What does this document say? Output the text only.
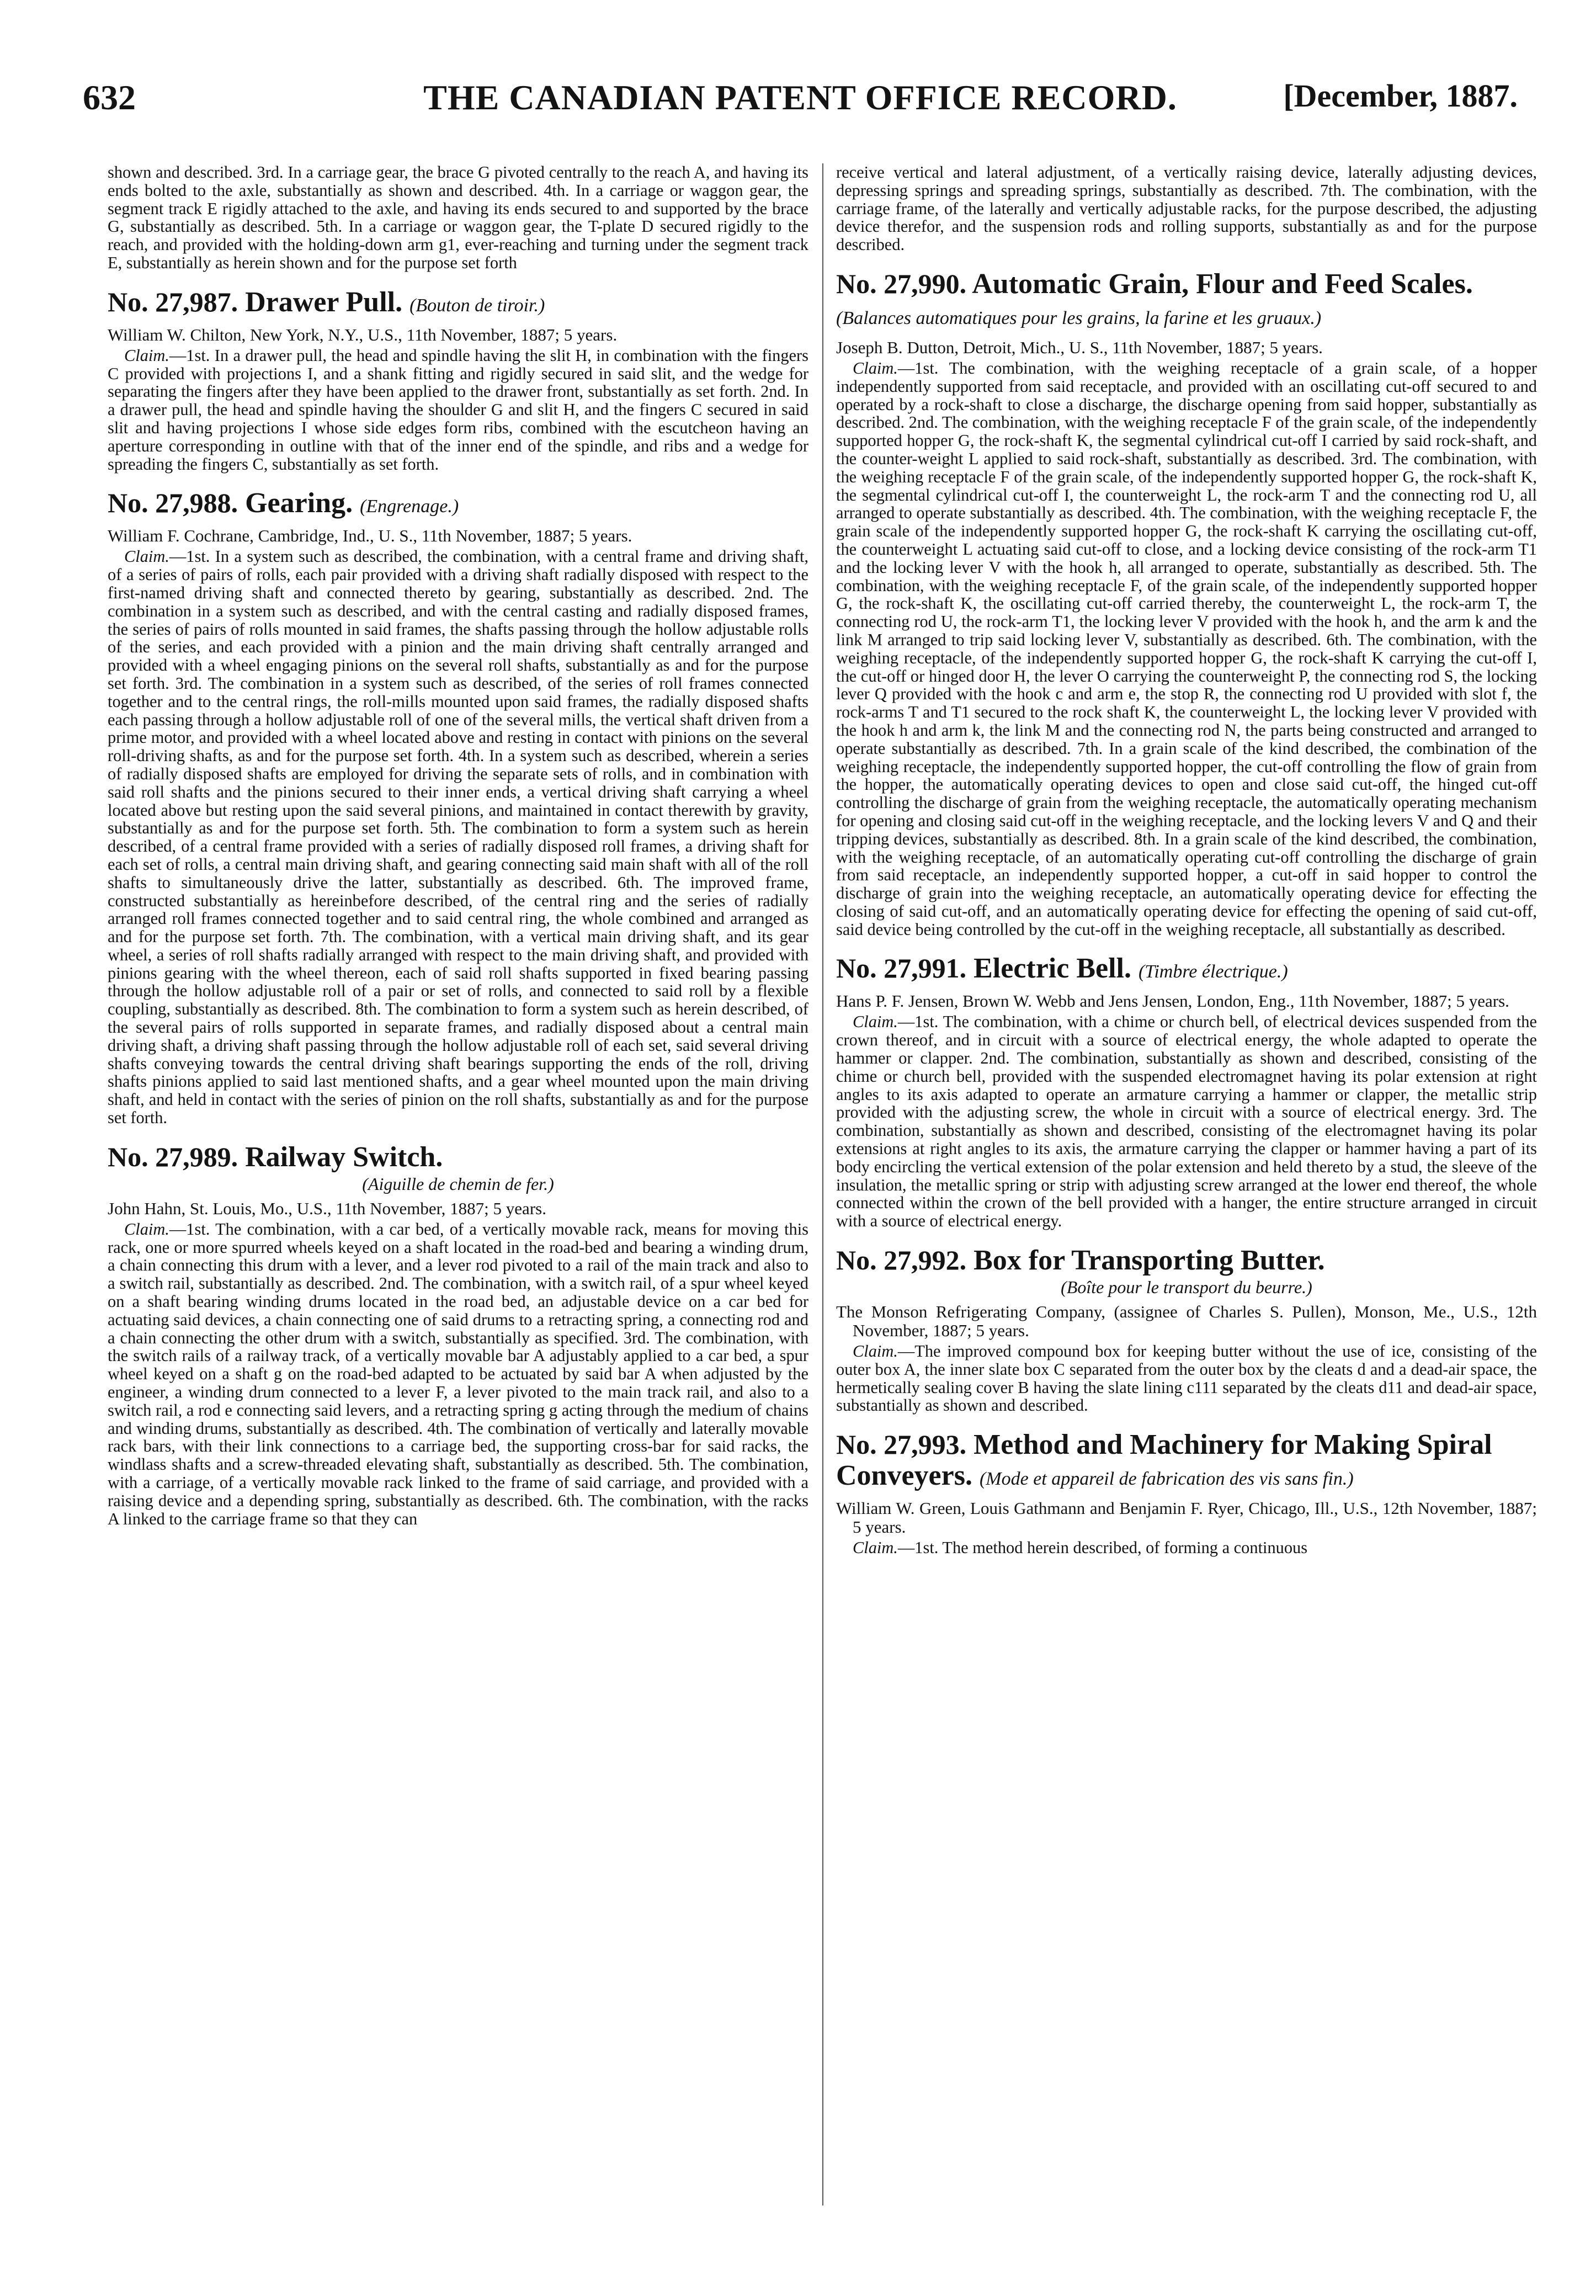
632	THE CANADIAN PATENT OFFICE RECORD.	[December, 1887.

shown and described. 3rd. In a carriage gear, the brace G pivoted centrally to the reach A, and having its ends bolted to the axle, substantially as shown and described. 4th. In a carriage or waggon gear, the segment track E rigidly attached to the axle, and having its ends secured to and supported by the brace G, substantially as described. 5th. In a carriage or waggon gear, the T-plate D secured rigidly to the reach, and provided with the holding-down arm g1, ever-reaching and turning under the segment track E, substantially as herein shown and for the purpose set forth

No. 27,987. Drawer Pull. (Bouton de tiroir.)

William W. Chilton, New York, N.Y., U.S., 11th November, 1887; 5 years.

Claim.—1st. In a drawer pull, the head and spindle having the slit H, in combination with the fingers C provided with projections I, and a shank fitting and rigidly secured in said slit, and the wedge for separating the fingers after they have been applied to the drawer front, substantially as set forth. 2nd. In a drawer pull, the head and spindle having the shoulder G and slit H, and the fingers C secured in said slit and having projections I whose side edges form ribs, combined with the escutcheon having an aperture corresponding in outline with that of the inner end of the spindle, and ribs and a wedge for spreading the fingers C, substantially as set forth.

No. 27,988. Gearing. (Engrenage.)

William F. Cochrane, Cambridge, Ind., U. S., 11th November, 1887; 5 years.

Claim.—1st. In a system such as described, the combination, with a central frame and driving shaft, of a series of pairs of rolls, each pair provided with a driving shaft radially disposed with respect to the first-named driving shaft and connected thereto by gearing, substantially as described. 2nd. The combination in a system such as described, and with the central casting and radially disposed frames, the series of pairs of rolls mounted in said frames, the shafts passing through the hollow adjustable rolls of the series, and each provided with a pinion and the main driving shaft centrally arranged and provided with a wheel engaging pinions on the several roll shafts, substantially as and for the purpose set forth. 3rd. The combination in a system such as described, of the series of roll frames connected together and to the central rings, the roll-mills mounted upon said frames, the radially disposed shafts each passing through a hollow adjustable roll of one of the several mills, the vertical shaft driven from a prime motor, and provided with a wheel located above and resting in contact with pinions on the several roll-driving shafts, as and for the purpose set forth. 4th. In a system such as described, wherein a series of radially disposed shafts are employed for driving the separate sets of rolls, and in combination with said roll shafts and the pinions secured to their inner ends, a vertical driving shaft carrying a wheel located above but resting upon the said several pinions, and maintained in contact therewith by gravity, substantially as and for the purpose set forth. 5th. The combination to form a system such as herein described, of a central frame provided with a series of radially disposed roll frames, a driving shaft for each set of rolls, a central main driving shaft, and gearing connecting said main shaft with all of the roll shafts to simultaneously drive the latter, substantially as described. 6th. The improved frame, constructed substantially as hereinbefore described, of the central ring and the series of radially arranged roll frames connected together and to said central ring, the whole combined and arranged as and for the purpose set forth. 7th. The combination, with a vertical main driving shaft, and its gear wheel, a series of roll shafts radially arranged with respect to the main driving shaft, and provided with pinions gearing with the wheel thereon, each of said roll shafts supported in fixed bearing passing through the hollow adjustable roll of a pair or set of rolls, and connected to said roll by a flexible coupling, substantially as described. 8th. The combination to form a system such as herein described, of the several pairs of rolls supported in separate frames, and radially disposed about a central main driving shaft, a driving shaft passing through the hollow adjustable roll of each set, said several driving shafts conveying towards the central driving shaft bearings supporting the ends of the roll, driving shafts pinions applied to said last mentioned shafts, and a gear wheel mounted upon the main driving shaft, and held in contact with the series of pinion on the roll shafts, substantially as and for the purpose set forth.

No. 27,989. Railway Switch.

(Aiguille de chemin de fer.)

John Hahn, St. Louis, Mo., U.S., 11th November, 1887; 5 years.

Claim.—1st. The combination, with a car bed, of a vertically movable rack, means for moving this rack, one or more spurred wheels keyed on a shaft located in the road-bed and bearing a winding drum, a chain connecting this drum with a lever, and a lever rod pivoted to a rail of the main track and also to a switch rail, substantially as described. 2nd. The combination, with a switch rail, of a spur wheel keyed on a shaft bearing winding drums located in the road bed, an adjustable device on a car bed for actuating said devices, a chain connecting one of said drums to a retracting spring, a connecting rod and a chain connecting the other drum with a switch, substantially as specified. 3rd. The combination, with the switch rails of a railway track, of a vertically movable bar A adjustably applied to a car bed, a spur wheel keyed on a shaft g on the road-bed adapted to be actuated by said bar A when adjusted by the engineer, a winding drum connected to a lever F, a lever pivoted to the main track rail, and also to a switch rail, a rod e connecting said levers, and a retracting spring g acting through the medium of chains and winding drums, substantially as described. 4th. The combination of vertically and laterally movable rack bars, with their link connections to a carriage bed, the supporting cross-bar for said racks, the windlass shafts and a screw-threaded elevating shaft, substantially as described. 5th. The combination, with a carriage, of a vertically movable rack linked to the frame of said carriage, and provided with a raising device and a depending spring, substantially as described. 6th. The combination, with the racks A linked to the carriage frame so that they can

receive vertical and lateral adjustment, of a vertically raising device, laterally adjusting devices, depressing springs and spreading springs, substantially as described. 7th. The combination, with the carriage frame, of the laterally and vertically adjustable racks, for the purpose described, the adjusting device therefor, and the suspension rods and rolling supports, substantially as and for the purpose described.

No. 27,990. Automatic Grain, Flour and Feed Scales. (Balances automatiques pour les grains, la farine et les gruaux.)

Joseph B. Dutton, Detroit, Mich., U. S., 11th November, 1887; 5 years.

Claim.—1st. The combination, with the weighing receptacle of a grain scale, of a hopper independently supported from said receptacle, and provided with an oscillating cut-off secured to and operated by a rock-shaft to close a discharge, the discharge opening from said hopper, substantially as described. 2nd. The combination, with the weighing receptacle F of the grain scale, of the independently supported hopper G, the rock-shaft K, the segmental cylindrical cut-off I carried by said rock-shaft, and the counter-weight L applied to said rock-shaft, substantially as described. 3rd. The combination, with the weighing receptacle F of the grain scale, of the independently supported hopper G, the rock-shaft K, the segmental cylindrical cut-off I, the counterweight L, the rock-arm T and the connecting rod U, all arranged to operate substantially as described. 4th. The combination, with the weighing receptacle F, the grain scale of the independently supported hopper G, the rock-shaft K carrying the oscillating cut-off, the counterweight L actuating said cut-off to close, and a locking device consisting of the rock-arm T1 and the locking lever V with the hook h, all arranged to operate, substantially as described. 5th. The combination, with the weighing receptacle F, of the grain scale, of the independently supported hopper G, the rock-shaft K, the oscillating cut-off carried thereby, the counterweight L, the rock-arm T, the connecting rod U, the rock-arm T1, the locking lever V provided with the hook h, and the arm k and the link M arranged to trip said locking lever V, substantially as described. 6th. The combination, with the weighing receptacle, of the independently supported hopper G, the rock-shaft K carrying the cut-off I, the cut-off or hinged door H, the lever O carrying the counterweight P, the connecting rod S, the locking lever Q provided with the hook c and arm e, the stop R, the connecting rod U provided with slot f, the rock-arms T and T1 secured to the rock shaft K, the counterweight L, the locking lever V provided with the hook h and arm k, the link M and the connecting rod N, the parts being constructed and arranged to operate substantially as described. 7th. In a grain scale of the kind described, the combination of the weighing receptacle, the independently supported hopper, the cut-off controlling the flow of grain from the hopper, the automatically operating devices to open and close said cut-off, the hinged cut-off controlling the discharge of grain from the weighing receptacle, the automatically operating mechanism for opening and closing said cut-off in the weighing receptacle, and the locking levers V and Q and their tripping devices, substantially as described. 8th. In a grain scale of the kind described, the combination, with the weighing receptacle, of an automatically operating cut-off controlling the discharge of grain from said receptacle, an independently supported hopper, a cut-off in said hopper to control the discharge of grain into the weighing receptacle, an automatically operating device for effecting the closing of said cut-off, and an automatically operating device for effecting the opening of said cut-off, said device being controlled by the cut-off in the weighing receptacle, all substantially as described.

No. 27,991. Electric Bell. (Timbre électrique.)

Hans P. F. Jensen, Brown W. Webb and Jens Jensen, London, Eng., 11th November, 1887; 5 years.

Claim.—1st. The combination, with a chime or church bell, of electrical devices suspended from the crown thereof, and in circuit with a source of electrical energy, the whole adapted to operate the hammer or clapper. 2nd. The combination, substantially as shown and described, consisting of the chime or church bell, provided with the suspended electromagnet having its polar extension at right angles to its axis adapted to operate an armature carrying a hammer or clapper, the metallic strip provided with the adjusting screw, the whole in circuit with a source of electrical energy. 3rd. The combination, substantially as shown and described, consisting of the electromagnet having its polar extensions at right angles to its axis, the armature carrying the clapper or hammer having a part of its body encircling the vertical extension of the polar extension and held thereto by a stud, the sleeve of the insulation, the metallic spring or strip with adjusting screw arranged at the lower end thereof, the whole connected within the crown of the bell provided with a hanger, the entire structure arranged in circuit with a source of electrical energy.

No. 27,992. Box for Transporting Butter.

(Boîte pour le transport du beurre.)

The Monson Refrigerating Company, (assignee of Charles S. Pullen), Monson, Me., U.S., 12th November, 1887; 5 years.

Claim.—The improved compound box for keeping butter without the use of ice, consisting of the outer box A, the inner slate box C separated from the outer box by the cleats d and a dead-air space, the hermetically sealing cover B having the slate lining c111 separated by the cleats d11 and dead-air space, substantially as shown and described.

No. 27,993. Method and Machinery for Making Spiral Conveyers. (Mode et appareil de fabrication des vis sans fin.)

William W. Green, Louis Gathmann and Benjamin F. Ryer, Chicago, Ill., U.S., 12th November, 1887; 5 years.

Claim.—1st. The method herein described, of forming a continuous
